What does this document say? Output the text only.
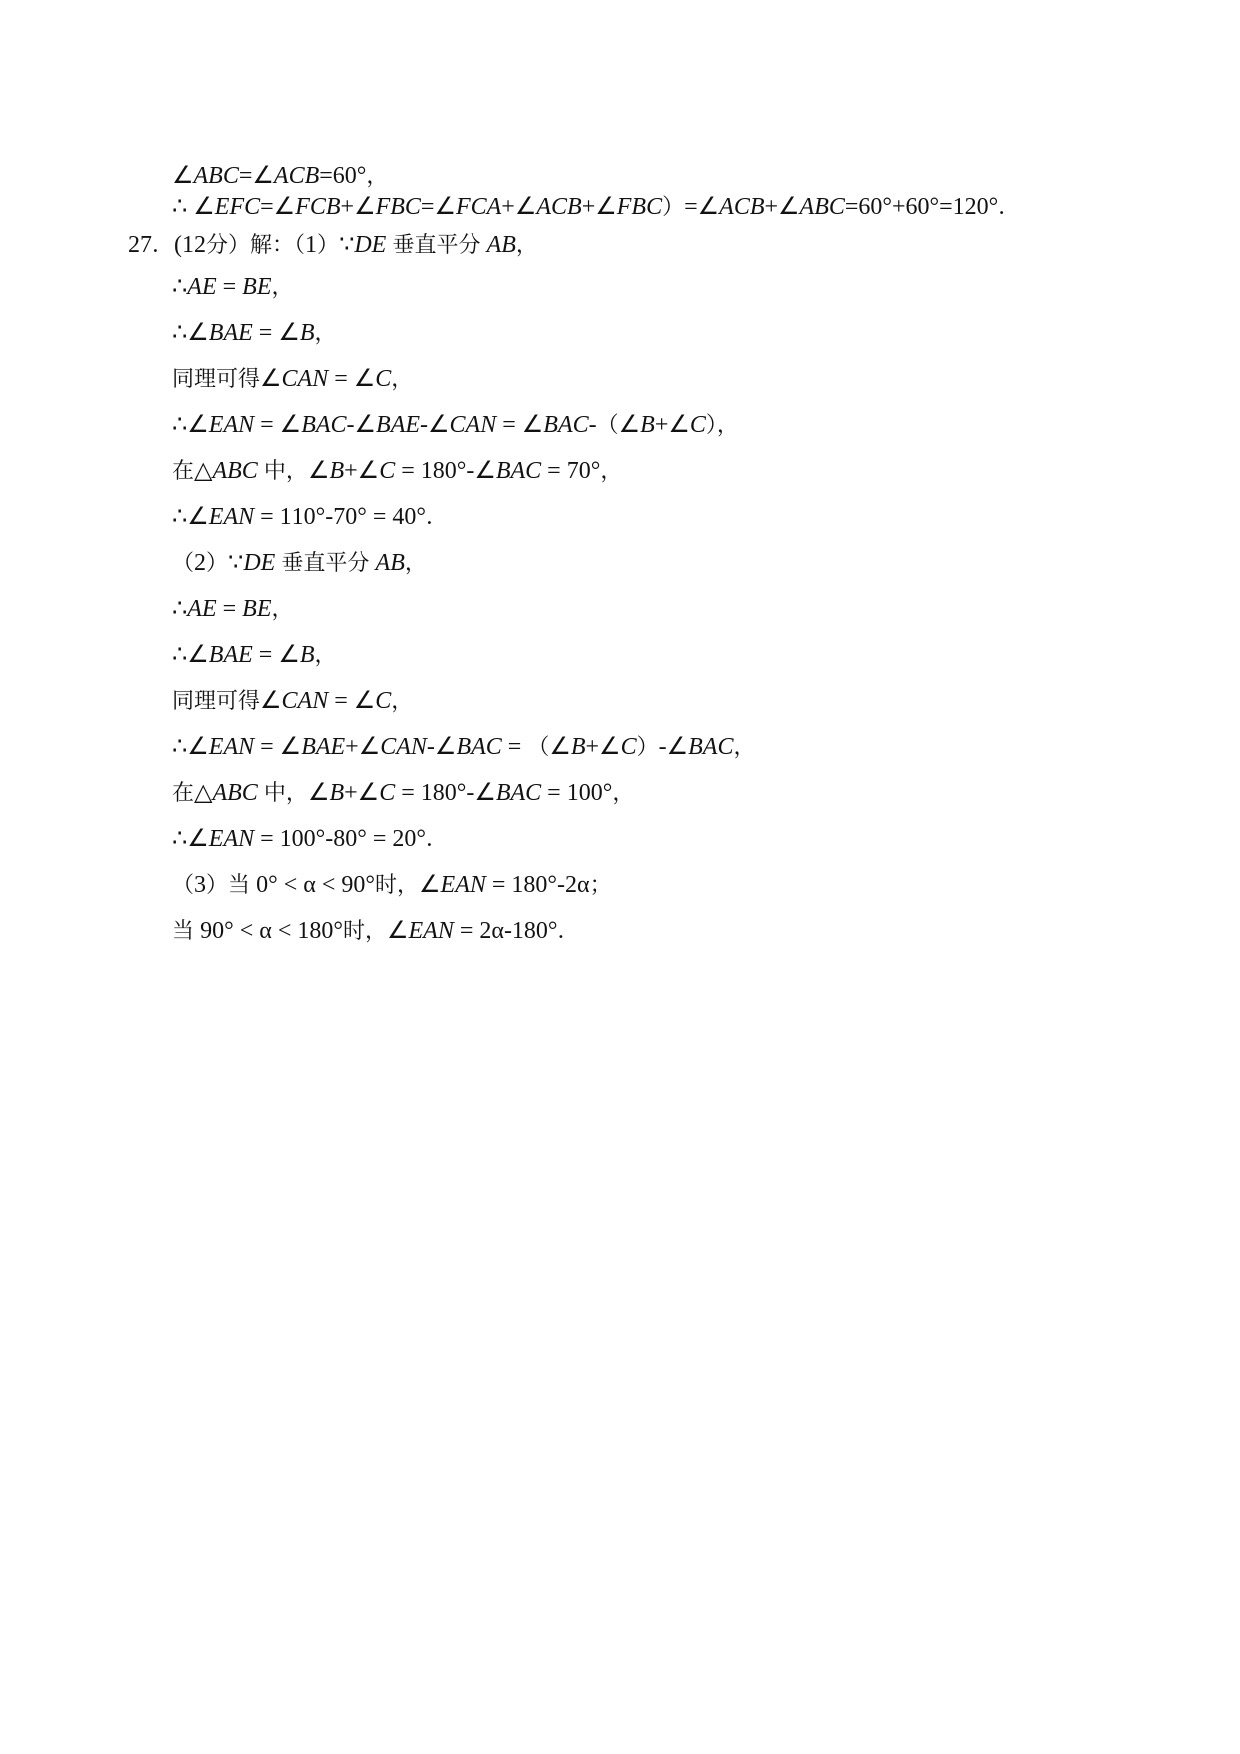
∠ABC=∠ACB=60°，

∴ ∠EFC=∠FCB+∠FBC=∠FCA+∠ACB+∠FBC）=∠ACB+∠ABC=60°+60°=120°．

27．(12分）解：（1）∵DE 垂直平分 AB，

∴AE = BE，

∴∠BAE = ∠B，

同理可得∠CAN = ∠C，

∴∠EAN = ∠BAC-∠BAE-∠CAN = ∠BAC-（∠B+∠C），

在△ABC 中，∠B+∠C = 180°-∠BAC = 70°，

∴∠EAN = 110°-70° = 40°．

（2）∵DE 垂直平分 AB，

∴AE = BE，

∴∠BAE = ∠B，

同理可得∠CAN = ∠C，

∴∠EAN = ∠BAE+∠CAN-∠BAC = （∠B+∠C）-∠BAC，

在△ABC 中，∠B+∠C = 180°-∠BAC = 100°，

∴∠EAN = 100°-80° = 20°．

（3）当 0° < α < 90°时，∠EAN = 180°-2α；

当 90° < α < 180°时，∠EAN = 2α-180°．
